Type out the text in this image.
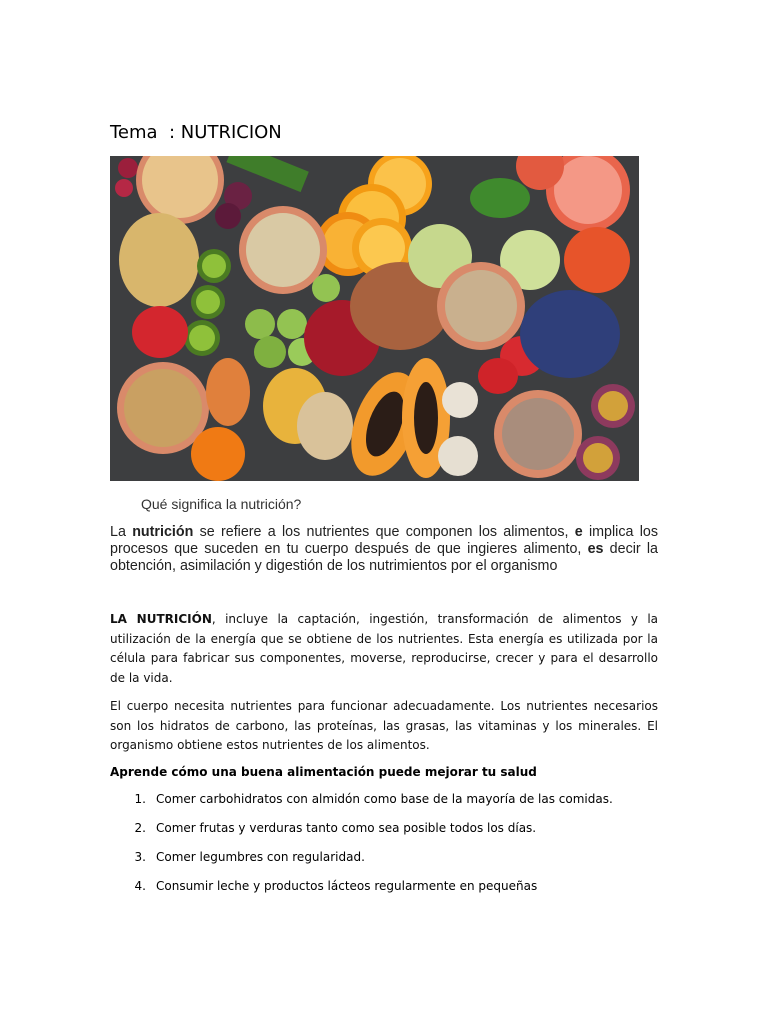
Tema  : NUTRICION
Qué significa la nutrición?
La nutrición se refiere a los nutrientes que componen los alimentos, e implica los procesos que suceden en tu cuerpo después de que ingieres alimento, es decir la obtención, asimilación y digestión de los nutrimientos por el organismo
LA NUTRICIÓN, incluye la captación, ingestión, transformación de alimentos y la utilización de la energía que se obtiene de los nutrientes. Esta energía es utilizada por la célula para fabricar sus componentes, moverse, reproducirse, crecer y para el desarrollo de la vida.
El cuerpo necesita nutrientes para funcionar adecuadamente. Los nutrientes necesarios son los hidratos de carbono, las proteínas, las grasas, las vitaminas y los minerales. El organismo obtiene estos nutrientes de los alimentos.
Aprende cómo una buena alimentación puede mejorar tu salud
1. Comer carbohidratos con almidón como base de la mayoría de las comidas.
2. Comer frutas y verduras tanto como sea posible todos los días.
3. Comer legumbres con regularidad.
4. Consumir leche y productos lácteos regularmente en pequeñas
